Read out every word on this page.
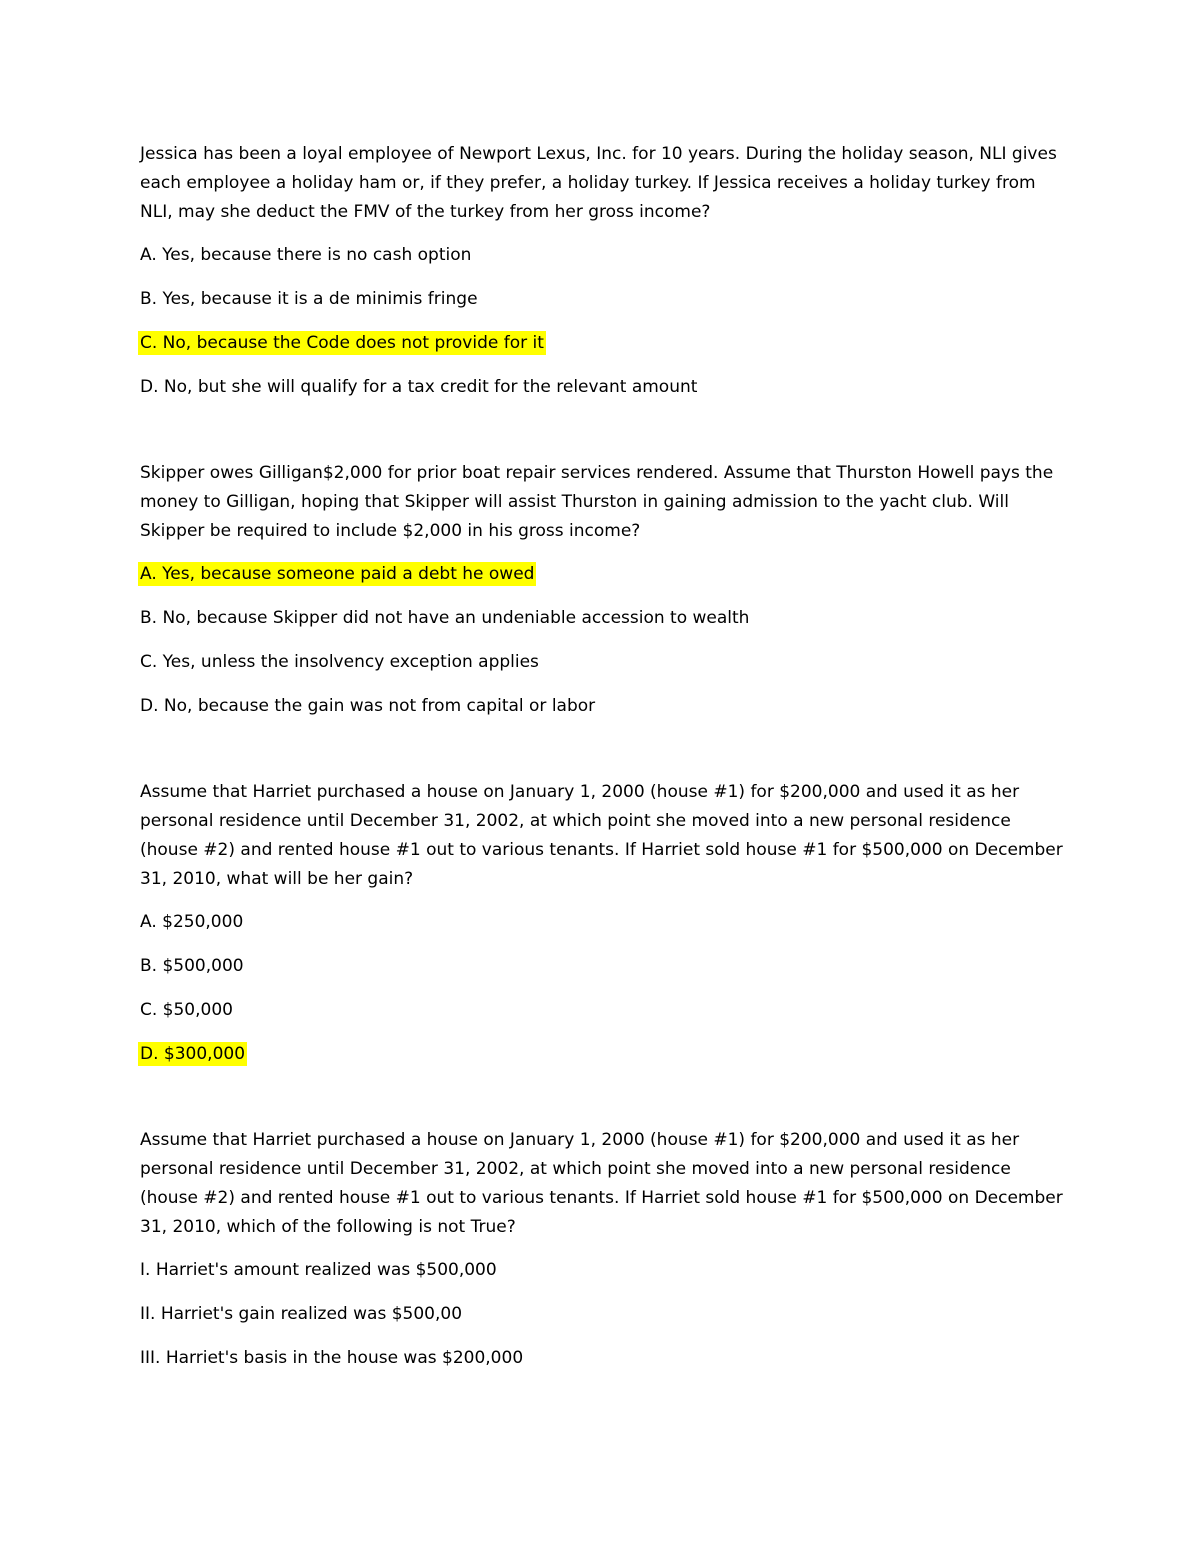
Jessica has been a loyal employee of Newport Lexus, Inc. for 10 years. During the holiday season, NLI gives each employee a holiday ham or, if they prefer, a holiday turkey. If Jessica receives a holiday turkey from NLI, may she deduct the FMV of the turkey from her gross income?

A. Yes, because there is no cash option
B. Yes, because it is a de minimis fringe
C. No, because the Code does not provide for it
D. No, but she will qualify for a tax credit for the relevant amount

Skipper owes Gilligan$2,000 for prior boat repair services rendered. Assume that Thurston Howell pays the money to Gilligan, hoping that Skipper will assist Thurston in gaining admission to the yacht club. Will Skipper be required to include $2,000 in his gross income?

A. Yes, because someone paid a debt he owed
B. No, because Skipper did not have an undeniable accession to wealth
C. Yes, unless the insolvency exception applies
D. No, because the gain was not from capital or labor

Assume that Harriet purchased a house on January 1, 2000 (house #1) for $200,000 and used it as her personal residence until December 31, 2002, at which point she moved into a new personal residence (house #2) and rented house #1 out to various tenants. If Harriet sold house #1 for $500,000 on December 31, 2010, what will be her gain?

A. $250,000
B. $500,000
C. $50,000
D. $300,000

Assume that Harriet purchased a house on January 1, 2000 (house #1) for $200,000 and used it as her personal residence until December 31, 2002, at which point she moved into a new personal residence (house #2) and rented house #1 out to various tenants. If Harriet sold house #1 for $500,000 on December 31, 2010, which of the following is not True?

I. Harriet's amount realized was $500,000
II. Harriet's gain realized was $500,00
III. Harriet's basis in the house was $200,000
